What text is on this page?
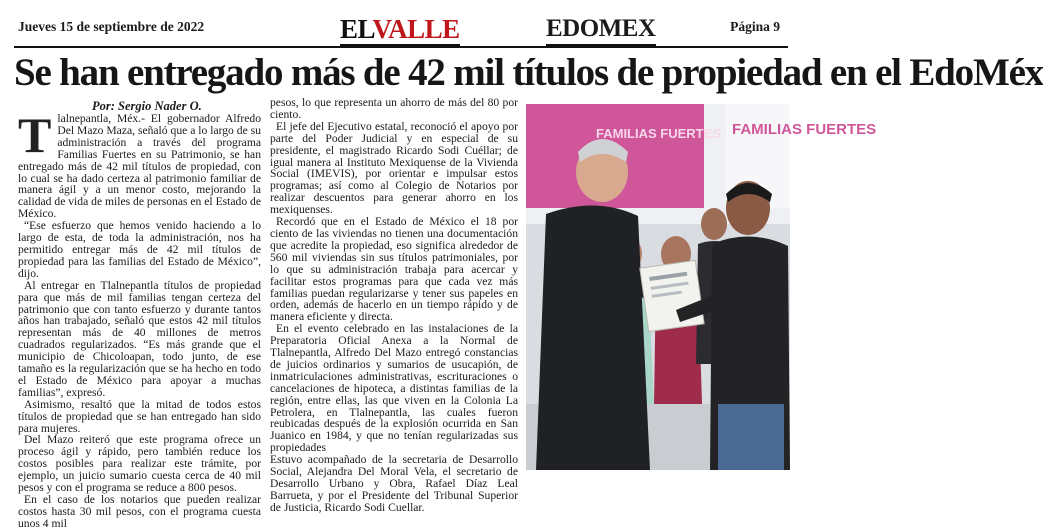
Jueves 15 de septiembre de 2022	ELVALLE	EDOMEX	Página 9
Se han entregado más de 42 mil títulos de propiedad en el EdoMéx
Por: Sergio Nader O.
T lalnepantla, Méx.- El gobernador Alfredo Del Mazo Maza, señaló que a lo largo de su administración a través del programa Familias Fuertes en su Patrimonio, se han entregado más de 42 mil títulos de propiedad, con lo cual se ha dado certeza al patrimonio familiar de manera ágil y a un menor costo, mejorando la calidad de vida de miles de personas en el Estado de México.

“Ese esfuerzo que hemos venido haciendo a lo largo de esta, de toda la administración, nos ha permitido entregar más de 42 mil títulos de propiedad para las familias del Estado de México”, dijo.

Al entregar en Tlalnepantla títulos de propiedad para que más de mil familias tengan certeza del patrimonio que con tanto esfuerzo y durante tantos años han trabajado, señaló que estos 42 mil títulos representan más de 40 millones de metros cuadrados regularizados. “Es más grande que el municipio de Chicoloapan, todo junto, de ese tamaño es la regularización que se ha hecho en todo el Estado de México para apoyar a muchas familias”, expresó.

Asimismo, resaltó que la mitad de todos estos títulos de propiedad que se han entregado han sido para mujeres.

Del Mazo reiteró que este programa ofrece un proceso ágil y rápido, pero también reduce los costos posibles para realizar este trámite, por ejemplo, un juicio sumario cuesta cerca de 40 mil pesos y con el programa se reduce a 800 pesos.

En el caso de los notarios que pueden realizar costos hasta 30 mil pesos, con el programa cuesta unos 4 mil

pesos, lo que representa un ahorro de más del 80 por ciento.

El jefe del Ejecutivo estatal, reconoció el apoyo por parte del Poder Judicial y en especial de su presidente, el magistrado Ricardo Sodi Cuéllar; de igual manera al Instituto Mexiquense de la Vivienda Social (IMEVIS), por orientar e impulsar estos programas; así como al Colegio de Notarios por realizar descuentos para generar ahorro en los mexiquenses.

Recordó que en el Estado de México el 18 por ciento de las viviendas no tienen una documentación que acredite la propiedad, eso significa alrededor de 560 mil viviendas sin sus títulos patrimoniales, por lo que su administración trabaja para acercar y facilitar estos programas para que cada vez más familias puedan regularizarse y tener sus papeles en orden, además de hacerlo en un tiempo rápido y de manera eficiente y directa.

En el evento celebrado en las instalaciones de la Preparatoria Oficial Anexa a la Normal de Tlalnepantla, Alfredo Del Mazo entregó constancias de juicios ordinarios y sumarios de usucapión, de inmatriculaciones administrativas, escrituraciones o cancelaciones de hipoteca, a distintas familias de la región, entre ellas, las que viven en la Colonia La Petrolera, en Tlalnepantla, las cuales fueron reubicadas después de la explosión ocurrida en San Juanico en 1984, y que no tenían regularizadas sus propiedades

Estuvo acompañado de la secretaria de Desarrollo Social, Alejandra Del Moral Vela, el secretario de Desarrollo Urbano y Obra, Rafael Díaz Leal Barrueta, y por el Presidente del Tribunal Superior de Justicia, Ricardo Sodi Cuellar.

FAMILIAS FUERTES FAMILIAS FUERTES
